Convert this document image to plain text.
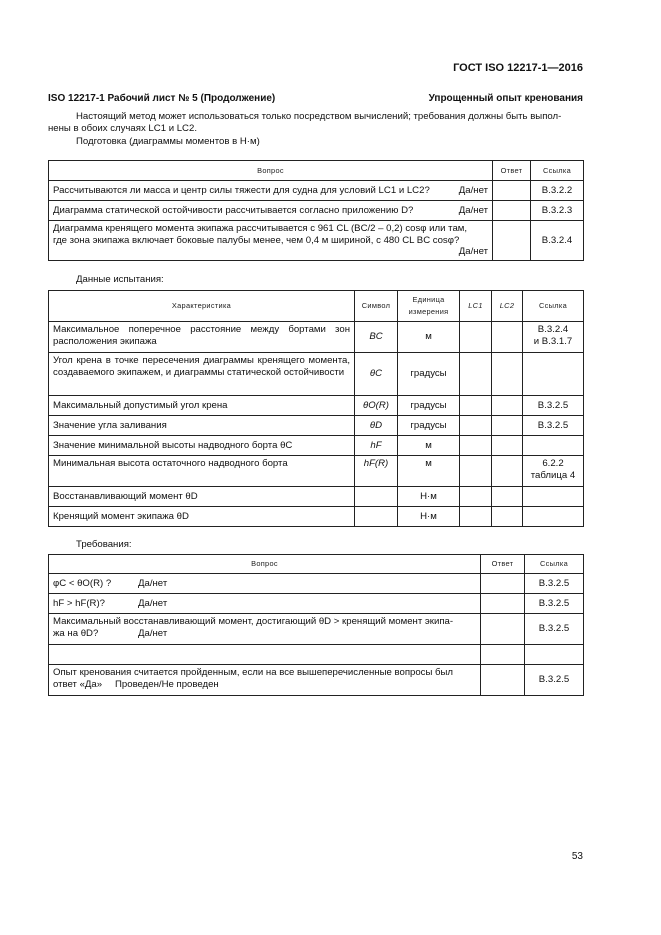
ГОСТ ISO 12217-1—2016
ISO 12217-1 Рабочий лист № 5 (Продолжение)	Упрощенный опыт кренования
Настоящий метод может использоваться только посредством вычислений; требования должны быть выпол-
нены в обоих случаях LC1 и LC2.
Подготовка (диаграммы моментов в Н·м)
Вопрос	Ответ	Ссылка
Рассчитываются ли масса и центр силы тяжести для судна для условий LC1 и LC2? Да/нет		B.3.2.2
Диаграмма статической остойчивости рассчитывается согласно приложению D? Да/нет		B.3.2.3

Диаграмма кренящего момента экипажа рассчитывается с 961 CL (BC/2 – 0,2) cosφ или там,
где зона экипажа включает боковые палубы менее, чем 0,4 м шириной, с 480 CL BC cosφ?
Да/нет		B.3.2.4
Данные испытания:
Характеристика	Символ	Единица
измерения	LC1	LC2	Ссылка
Максимальное поперечное расстояние между бортами зон расположения экипажа	BC	м			B.3.2.4
и B.3.1.7

Угол крена в точке пересечения диаграммы кренящего момента, создаваемого экипажем, и диаграммы статической остойчивости	θC	градусы			

Максимальный допустимый угол крена	θO(R)	градусы			B.3.2.5
Значение угла заливания	θD	градусы			B.3.2.5
Значение минимальной высоты надводного борта θC	hF	м			
Минимальная высота остаточного надводного борта	hF(R)	м			6.2.2
таблица 4

Восстанавливающий момент θD		Н·м			
Кренящий момент экипажа θD		Н·м			
Требования:
Вопрос	Ответ	Ссылка
φC < θO(R) ? Да/нет		B.3.2.5
hF > hF(R)? Да/нет		B.3.2.5

Максимальный восстанавливающий момент, достигающий θD > кренящий момент экипа-
жа на θD? Да/нет		B.3.2.5

Опыт кренования считается пройденным, если на все вышеперечисленные вопросы был
ответ «Да» Проведен/Не проведен		B.3.2.5
53
